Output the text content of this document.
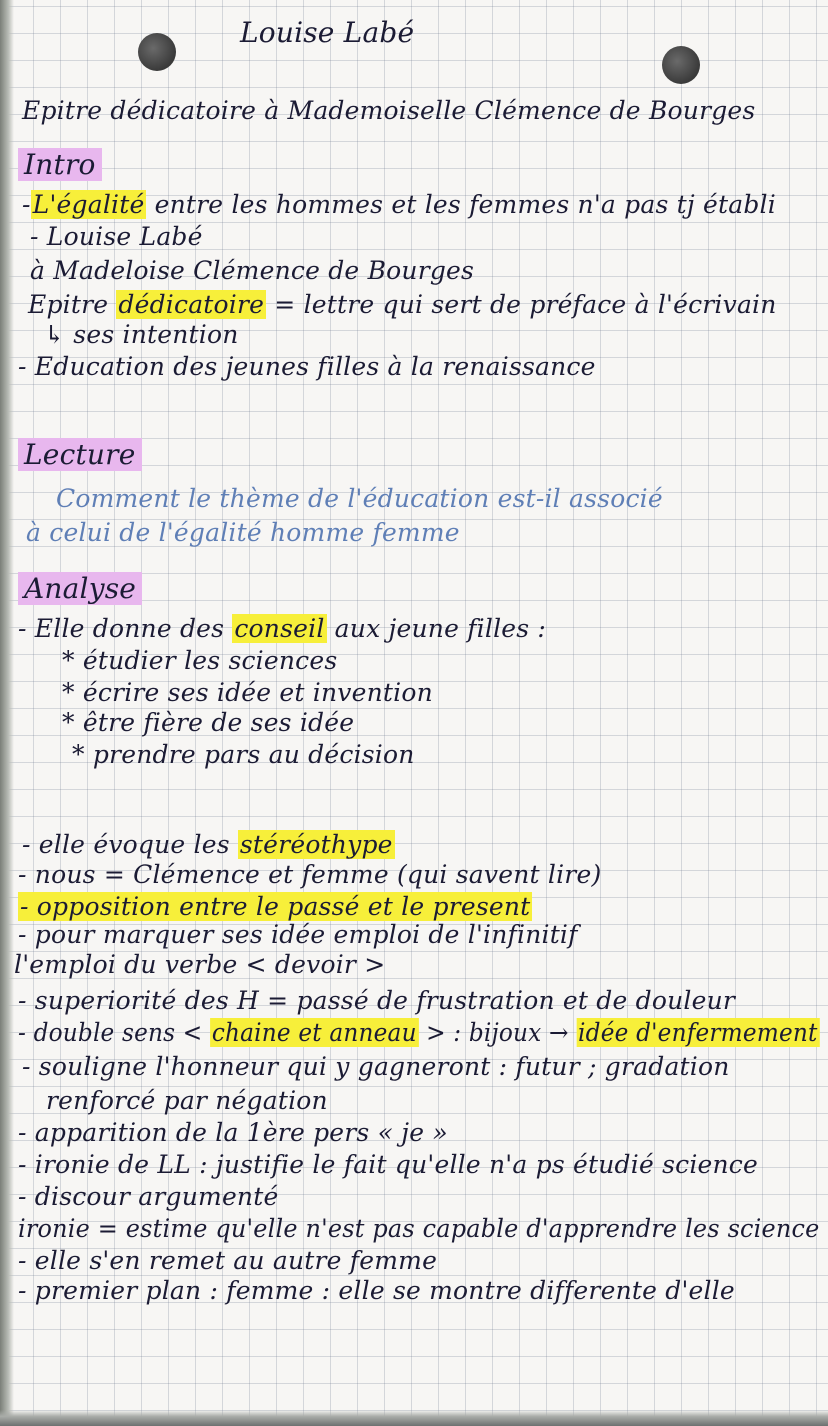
Louise Labé
Epitre dédicatoire à Mademoiselle Clémence de Bourges
Intro
-L'égalité entre les hommes et les femmes n'a pas tj établi
- Louise Labé
à Madeloise Clémence de Bourges
Epitre dédicatoire = lettre qui sert de préface à l'écrivain
↳ ses intention
- Education des jeunes filles à la renaissance
Lecture
Comment le thème de l'éducation est-il associé
à celui de l'égalité homme femme
Analyse
- Elle donne des conseil aux jeune filles :
* étudier les sciences
* écrire ses idée et invention
* être fière de ses idée
* prendre pars au décision
- elle évoque les stéréothype
- nous = Clémence et femme (qui savent lire)
- opposition entre le passé et le present
- pour marquer ses idée emploi de l'infinitif
l'emploi du verbe < devoir >
- superiorité des H = passé de frustration et de douleur
- double sens < chaine et anneau > : bijoux → idée d'enfermement
- souligne l'honneur qui y gagneront : futur ; gradation
renforcé par négation
- apparition de la 1ère pers « je »
- ironie de LL : justifie le fait qu'elle n'a ps étudié science
- discour argumenté
ironie = estime qu'elle n'est pas capable d'apprendre les science
- elle s'en remet au autre femme
- premier plan : femme : elle se montre differente d'elle
